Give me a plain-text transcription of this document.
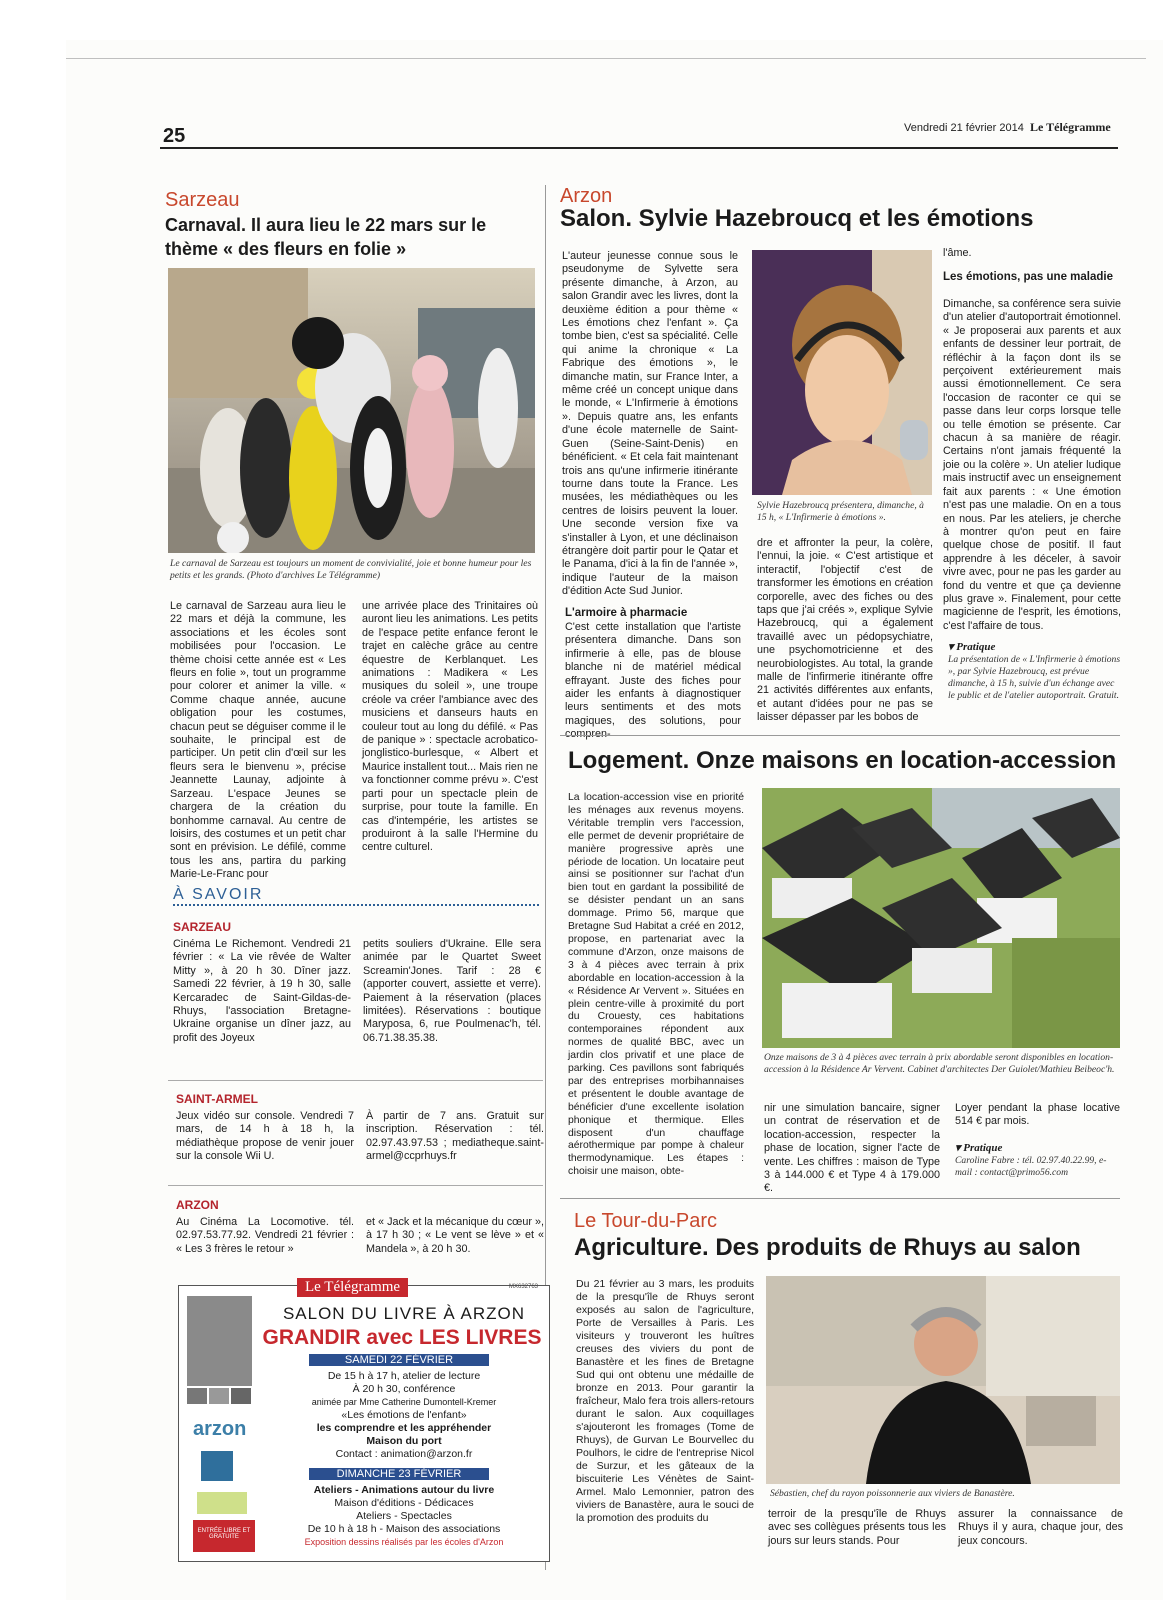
25	Vendredi 21 février 2014 Le Télégramme
Sarzeau
Carnaval. Il aura lieu le 22 mars sur le thème « des fleurs en folie »
Le carnaval de Sarzeau est toujours un moment de convivialité, joie et bonne humeur pour les petits et les grands. (Photo d'archives Le Télégramme)

Le carnaval de Sarzeau aura lieu le 22 mars et déjà la commune, les associations et les écoles sont mobilisées pour l'occasion. Le thème choisi cette année est « Les fleurs en folie », tout un programme pour colorer et animer la ville. « Comme chaque année, aucune obligation pour les costumes, chacun peut se déguiser comme il le souhaite, le principal est de participer. Un petit clin d'œil sur les fleurs sera le bienvenu », précise Jeannette Launay, adjointe à Sarzeau. L'espace Jeunes se chargera de la création du bonhomme carnaval. Au centre de loisirs, des costumes et un petit char sont en prévision. Le défilé, comme tous les ans, partira du parking Marie-Le-Franc pour

une arrivée place des Trinitaires où auront lieu les animations. Les petits de l'espace petite enfance feront le trajet en calèche grâce au centre équestre de Kerblanquet. Les animations : Madikera « Les musiques du soleil », une troupe créole va créer l'ambiance avec des musiciens et danseurs hauts en couleur tout au long du défilé. « Pas de panique » : spectacle acrobatico-jonglistico-burlesque, « Albert et Maurice installent tout... Mais rien ne va fonctionner comme prévu ». C'est parti pour un spectacle plein de surprise, pour toute la famille. En cas d'intempérie, les artistes se produiront à la salle l'Hermine du centre culturel.

À SAVOIR
SARZEAU

Cinéma Le Richemont. Vendredi 21 février : « La vie rêvée de Walter Mitty », à 20 h 30. Dîner jazz. Samedi 22 février, à 19 h 30, salle Kercaradec de Saint-Gildas-de-Rhuys, l'association Bretagne-Ukraine organise un dîner jazz, au profit des Joyeux

petits souliers d'Ukraine. Elle sera animée par le Quartet Sweet Screamin'Jones. Tarif : 28 € (apporter couvert, assiette et verre). Paiement à la réservation (places limitées). Réservations : boutique Maryposa, 6, rue Poulmenac'h, tél. 06.71.38.35.38.

SAINT-ARMEL

Jeux vidéo sur console. Vendredi 7 mars, de 14 h à 18 h, la médiathèque propose de venir jouer sur la console Wii U.

À partir de 7 ans. Gratuit sur inscription. Réservation : tél. 02.97.43.97.53 ; mediatheque.saint-armel@ccprhuys.fr

ARZON

Au Cinéma La Locomotive. tél. 02.97.53.77.92. Vendredi 21 février : « Les 3 frères le retour »

et « Jack et la mécanique du cœur », à 17 h 30 ; « Le vent se lève » et « Mandela », à 20 h 30.

Le Télégramme	MX632763
arzon
ENTRÉE LIBRE ET GRATUITE
SALON DU LIVRE À ARZON
GRANDIR avec LES LIVRES
SAMEDI 22 FÉVRIER
De 15 h à 17 h, atelier de lecture
À 20 h 30, conférence
animée par Mme Catherine Dumontell-Kremer
«Les émotions de l'enfant»
les comprendre et les appréhender
Maison du port
Contact : animation@arzon.fr
DIMANCHE 23 FÉVRIER
Ateliers - Animations autour du livre
Maison d'éditions - Dédicaces
Ateliers - Spectacles
De 10 h à 18 h - Maison des associations
Exposition dessins réalisés par les écoles d'Arzon
Arzon
Salon. Sylvie Hazebroucq et les émotions

L'auteur jeunesse connue sous le pseudonyme de Sylvette sera présente dimanche, à Arzon, au salon Grandir avec les livres, dont la deuxième édition a pour thème « Les émotions chez l'enfant ». Ça tombe bien, c'est sa spécialité. Celle qui anime la chronique « La Fabrique des émotions », le dimanche matin, sur France Inter, a même créé un concept unique dans le monde, « L'Infirmerie à émotions ». Depuis quatre ans, les enfants d'une école maternelle de Saint-Guen (Seine-Saint-Denis) en bénéficient. « Et cela fait maintenant trois ans qu'une infirmerie itinérante tourne dans toute la France. Les musées, les médiathèques ou les centres de loisirs peuvent la louer. Une seconde version fixe va s'installer à Lyon, et une déclinaison étrangère doit partir pour le Qatar et le Panama, d'ici à la fin de l'année », indique l'auteur de la maison d'édition Acte Sud Junior.

L'armoire à pharmacie

C'est cette installation que l'artiste présentera dimanche. Dans son infirmerie à elle, pas de blouse blanche ni de matériel médical effrayant. Juste des fiches pour aider les enfants à diagnostiquer leurs sentiments et des mots magiques, des solutions, pour compren-

Sylvie Hazebroucq présentera, dimanche, à 15 h, « L'Infirmerie à émotions ».

dre et affronter la peur, la colère, l'ennui, la joie. « C'est artistique et interactif, l'objectif c'est de transformer les émotions en création corporelle, avec des fiches ou des taps que j'ai créés », explique Sylvie Hazebroucq, qui a également travaillé avec un pédopsychiatre, une psychomotricienne et des neurobiologistes. Au total, la grande malle de l'infirmerie itinérante offre 21 activités différentes aux enfants, et autant d'idées pour ne pas se laisser dépasser par les bobos de

l'âme.

Les émotions, pas une maladie

Dimanche, sa conférence sera suivie d'un atelier d'autoportrait émotionnel. « Je proposerai aux parents et aux enfants de dessiner leur portrait, de réfléchir à la façon dont ils se perçoivent extérieurement mais aussi émotionnellement. Ce sera l'occasion de raconter ce qui se passe dans leur corps lorsque telle ou telle émotion se présente. Car chacun à sa manière de réagir. Certains n'ont jamais fréquenté la joie ou la colère ». Un atelier ludique mais instructif avec un enseignement fait aux parents : « Une émotion n'est pas une maladie. On en a tous en nous. Par les ateliers, je cherche à montrer qu'on peut en faire quelque chose de positif. Il faut apprendre à les déceler, à savoir vivre avec, pour ne pas les garder au fond du ventre et que ça devienne plus grave ». Finalement, pour cette magicienne de l'esprit, les émotions, c'est l'affaire de tous.

▾ Pratique
La présentation de « L'Infirmerie à émotions », par Sylvie Hazebroucq, est prévue dimanche, à 15 h, suivie d'un échange avec le public et de l'atelier autoportrait. Gratuit.
Logement. Onze maisons en location-accession

La location-accession vise en priorité les ménages aux revenus moyens. Véritable tremplin vers l'accession, elle permet de devenir propriétaire de manière progressive après une période de location. Un locataire peut ainsi se positionner sur l'achat d'un bien tout en gardant la possibilité de se désister pendant un an sans dommage. Primo 56, marque que Bretagne Sud Habitat a créé en 2012, propose, en partenariat avec la commune d'Arzon, onze maisons de 3 à 4 pièces avec terrain à prix abordable en location-accession à la « Résidence Ar Vervent ». Situées en plein centre-ville à proximité du port du Crouesty, ces habitations contemporaines répondent aux normes de qualité BBC, avec un jardin clos privatif et une place de parking. Ces pavillons sont fabriqués par des entreprises morbihannaises et présentent le double avantage de bénéficier d'une excellente isolation phonique et thermique. Elles disposent d'un chauffage aérothermique par pompe à chaleur thermodynamique. Les étapes : choisir une maison, obte-

Onze maisons de 3 à 4 pièces avec terrain à prix abordable seront disponibles en location-accession à la Résidence Ar Vervent. Cabinet d'architectes Der Guiolet/Mathieu Beibeoc'h.

nir une simulation bancaire, signer un contrat de réservation et de location-accession, respecter la phase de location, signer l'acte de vente. Les chiffres : maison de Type 3 à 144.000 € et Type 4 à 179.000 €.

Loyer pendant la phase locative 514 € par mois.

▾ Pratique
Caroline Fabre : tél. 02.97.40.22.99, e-mail : contact@primo56.com
Le Tour-du-Parc
Agriculture. Des produits de Rhuys au salon

Du 21 février au 3 mars, les produits de la presqu'île de Rhuys seront exposés au salon de l'agriculture, Porte de Versailles à Paris. Les visiteurs y trouveront les huîtres creuses des viviers du pont de Banastère et les fines de Bretagne Sud qui ont obtenu une médaille de bronze en 2013. Pour garantir la fraîcheur, Malo fera trois allers-retours durant le salon. Aux coquillages s'ajouteront les fromages (Tome de Rhuys), de Gurvan Le Bourvellec du Poulhors, le cidre de l'entreprise Nicol de Surzur, et les gâteaux de la biscuiterie Les Vénètes de Saint-Armel. Malo Lemonnier, patron des viviers de Banastère, aura le souci de la promotion des produits du

Sébastien, chef du rayon poissonnerie aux viviers de Banastère.

terroir de la presqu'île de Rhuys avec ses collègues présents tous les jours sur leurs stands. Pour

assurer la connaissance de Rhuys il y aura, chaque jour, des jeux concours.
